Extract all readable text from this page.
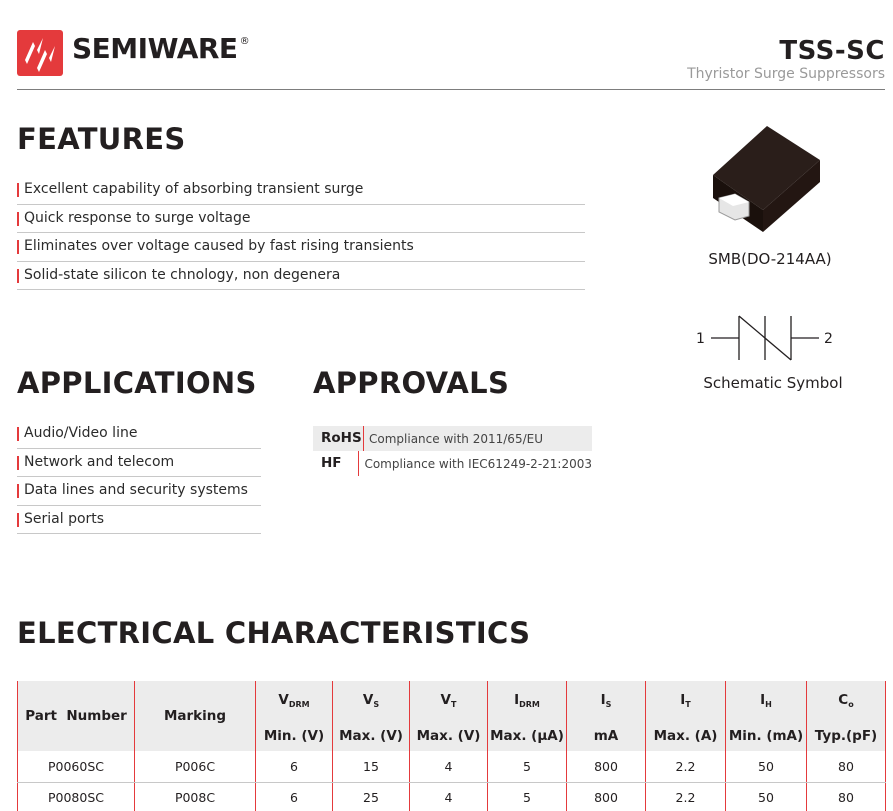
SEMIWARE ®	TSS-SC
Thyristor Surge Suppressors
FEATURES
Excellent capability of absorbing transient surge
Quick response to surge voltage
Eliminates over voltage caused by fast rising transients
Solid-state silicon te chnology, non degenera
SMB(DO-214AA)
1	2
Schematic Symbol
APPLICATIONS
Audio/Video line
Network and telecom
Data lines and security systems
Serial ports
APPROVALS
RoHS Compliance with 2011/65/EU
HF	Compliance with IEC61249-2-21:2003
ELECTRICAL CHARACTERISTICS
Part  Number	Marking	$V_{DRM}$	$V_S$	$V_T$	$I_{DRM}$	$I_S$	$I_T$	$I_H$	$C_o$
		Min. (V)	Max. (V)	Max. (V)	Max. (µA)	mA	Max. (A)	Min. (mA)	Typ.(pF)
P0060SC	P006C	6	15	4	5	800	2.2	50	80
P0080SC	P008C	6	25	4	5	800	2.2	50	80
